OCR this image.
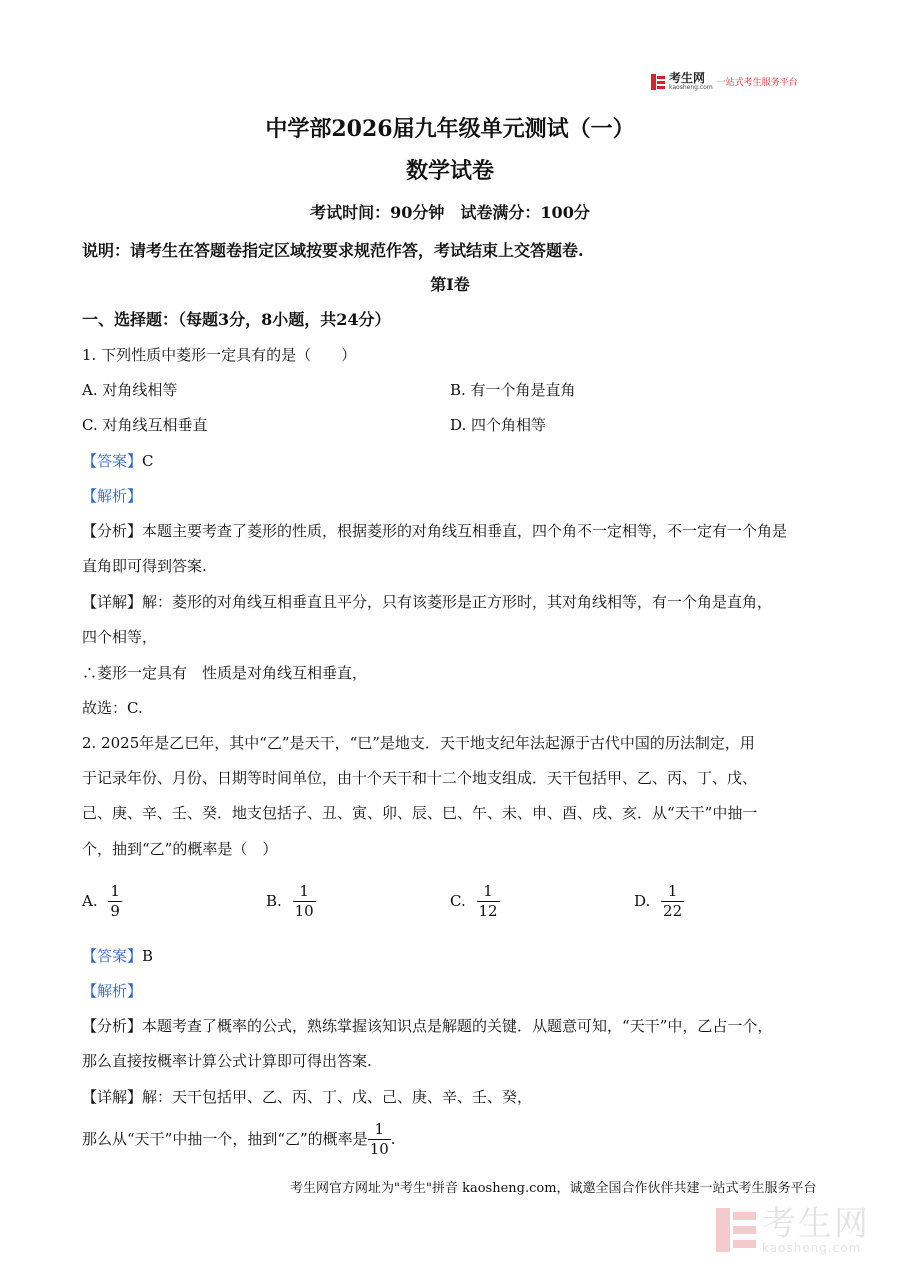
考生网
kaosheng.com 一站式考生服务平台
中学部2026届九年级单元测试（一）
数学试卷
考试时间：90分钟　试卷满分：100分
说明：请考生在答题卷指定区域按要求规范作答，考试结束上交答题卷.
第I卷
一、选择题：（每题3分，8小题，共24分）
1. 下列性质中菱形一定具有的是（　　）
A. 对角线相等	B. 有一个角是直角
C. 对角线互相垂直	D. 四个角相等
【答案】C
【解析】
【分析】本题主要考查了菱形的性质，根据菱形的对角线互相垂直，四个角不一定相等，不一定有一个角是
直角即可得到答案.
【详解】解：菱形的对角线互相垂直且平分，只有该菱形是正方形时，其对角线相等，有一个角是直角，
四个相等，
∴菱形一定具有　性质是对角线互相垂直，
故选：C.
2. 2025年是乙巳年，其中“乙”是天干，“巳”是地支．天干地支纪年法起源于古代中国的历法制定，用
于记录年份、月份、日期等时间单位，由十个天干和十二个地支组成．天干包括甲、乙、丙、丁、戊、
己、庚、辛、壬、癸．地支包括子、丑、寅、卯、辰、巳、午、未、申、酉、戌、亥．从“天干”中抽一
个，抽到“乙”的概率是（　）
A. $\frac{1}{9}$	B. $\frac{1}{10}$	C. $\frac{1}{12}$	D. $\frac{1}{22}$
【答案】B
【解析】
【分析】本题考查了概率的公式，熟练掌握该知识点是解题的关键．从题意可知，“天干”中，乙占一个，
那么直接按概率计算公式计算即可得出答案.
【详解】解：天干包括甲、乙、丙、丁、戊、己、庚、辛、壬、癸，
那么从“天干”中抽一个，抽到“乙”的概率是 $\frac{1}{10}$ .
考生网官方网址为"考生"拼音 kaosheng.com，诚邀全国合作伙伴共建一站式考生服务平台
考生网
kaosheng.com
